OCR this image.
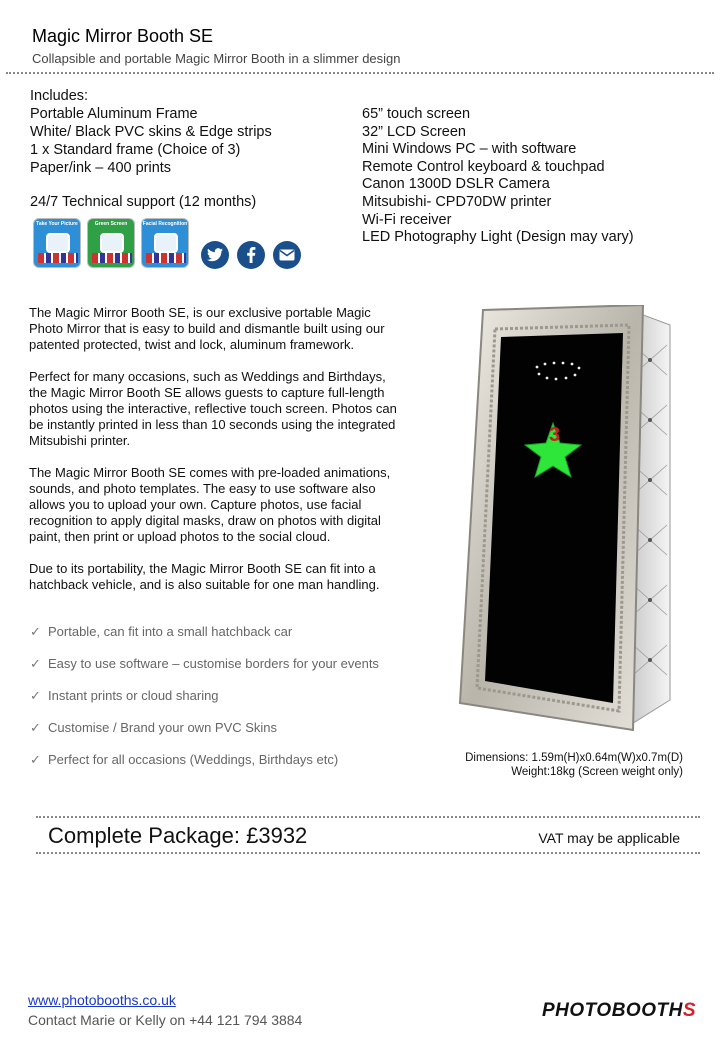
Magic Mirror Booth SE
Collapsible and portable Magic Mirror Booth in a slimmer design
Includes:
Portable Aluminum Frame
White/ Black PVC skins & Edge strips
1 x Standard frame (Choice of 3)
Paper/ink – 400 prints
24/7 Technical support (12 months)
65” touch screen
32” LCD Screen
Mini Windows PC – with software
Remote Control keyboard & touchpad
Canon 1300D DSLR Camera
Mitsubishi- CPD70DW printer
Wi-Fi receiver
LED Photography Light (Design may vary)
Take Your Picture	Green Screen	Facial Recognition

The Magic Mirror Booth SE, is our exclusive portable Magic Photo Mirror that is easy to build and dismantle built using our patented protected, twist and lock, aluminum framework.

Perfect for many occasions, such as Weddings and Birthdays, the Magic Mirror Booth SE allows guests to capture full-length photos using the interactive, reflective touch screen. Photos can be instantly printed in less than 10 seconds using the integrated Mitsubishi printer.

The Magic Mirror Booth SE comes with pre-loaded animations, sounds, and photo templates. The easy to use software also allows you to upload your own. Capture photos, use facial recognition to apply digital masks, draw on photos with digital paint, then print or upload photos to the social cloud.

Due to its portability, the Magic Mirror Booth SE can fit into a hatchback vehicle, and is also suitable for one man handling.

✓ Portable, can fit into a small hatchback car
✓ Easy to use software – customise borders for your events
✓ Instant prints or cloud sharing
✓ Customise / Brand your own PVC Skins
✓ Perfect for all occasions (Weddings, Birthdays etc)
3
Dimensions: 1.59m(H)x0.64m(W)x0.7m(D)
Weight:18kg (Screen weight only)
Complete Package: £3932	VAT may be applicable
www.photobooths.co.uk
Contact Marie or Kelly on +44 121 794 3884	PHOTOBOOTHS
